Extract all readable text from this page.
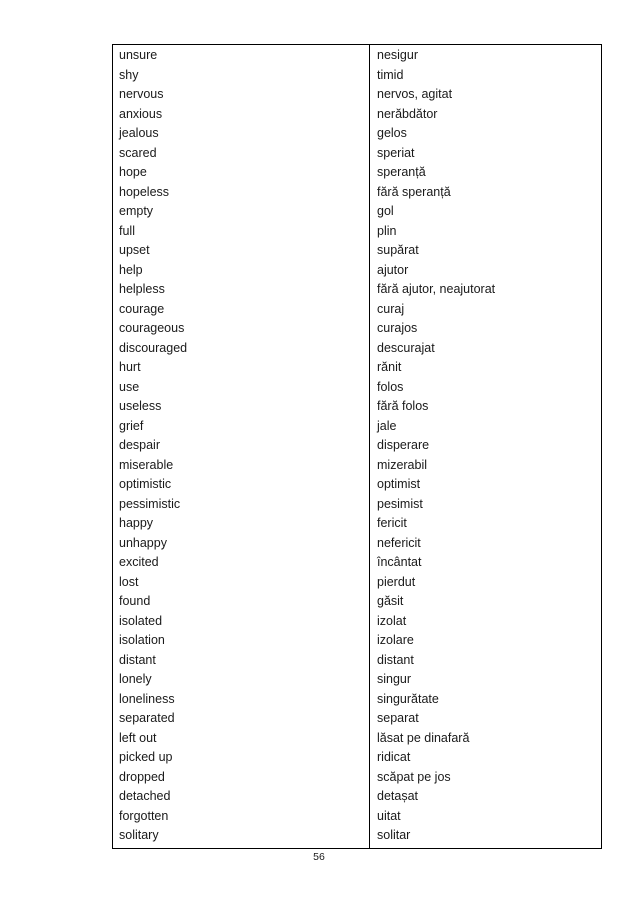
unsure
shy
nervous
anxious
jealous
scared
hope
hopeless
empty
full
upset
help
helpless
courage
courageous
discouraged
hurt
use
useless
grief
despair
miserable
optimistic
pessimistic
happy
unhappy
excited
lost
found
isolated
isolation
distant
lonely
loneliness
separated
left out
picked up
dropped
detached
forgotten
solitary
nesigur
timid
nervos, agitat
nerăbdător
gelos
speriat
speranță
fără speranță
gol
plin
supărat
ajutor
fără ajutor, neajutorat
curaj
curajos
descurajat
rănit
folos
fără folos
jale
disperare
mizerabil
optimist
pesimist
fericit
nefericit
încântat
pierdut
găsit
izolat
izolare
distant
singur
singurătate
separat
lăsat pe dinafară
ridicat
scăpat pe jos
detașat
uitat
solitar
56
